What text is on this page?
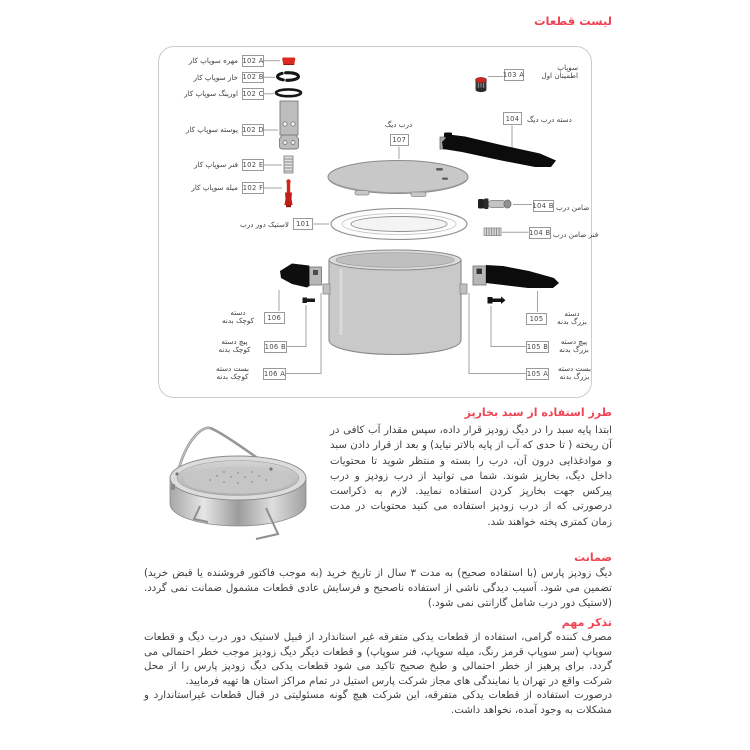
لیست قطعات
مهره سوپاپ کار 102 A
خار سوپاپ کار 102 B
اورینگ سوپاپ کار 102 C
پوسته سوپاپ کار 102 D
فنر سوپاپ کار 102 E
میله سوپاپ کار 102 F
لاستیک دور درب	101
103 A
سوپاپ
اطمینان اول
104	دسته درب دیگ
درب دیگ
107
104 B ضامن درب
104 B فنر ضامن درب
دسته
کوچک بدنه	106
پیچ دسته
کوچک بدنه	106 B
بست دسته
کوچک بدنه	106 A
105
دسته
بزرگ بدنه
105 B
پیچ دسته
بزرگ بدنه
105 A
بست دسته
بزرگ بدنه
طرز استفاده از سبد بخارپز
ابتدا پایه سبد را در دیگ زودپز قرار داده، سپس مقدار آب کافی در آن ریخته ( تا حدی که آب از پایه بالاتر نیاید) و بعد از قرار دادن سبد و موادغذایی درون آن، درب را بسته و منتظر شوید تا محتویات داخل دیگ، بخارپز شوند. شما می توانید از درب زودپز و درب پیرکس جهت بخارپز کردن استفاده نمایید. لازم به ذکراست درصورتی که از درب زودپز استفاده می کنید محتویات در مدت زمان کمتری پخته خواهند شد.
ضمانت
دیگ زودپز پارس (با استفاده صحیح) به مدت ۳ سال از تاریخ خرید (به موجب فاکتور فروشنده یا قبض خرید) تضمین می شود. آسیب دیدگی ناشی از استفاده ناصحیح و فرسایش عادی قطعات مشمول ضمانت نمی گردد. (لاستیک دور درب شامل گارانتی نمی شود.)
تذکر مهم

مصرف کننده گرامی، استفاده از قطعات یدکی متفرقه غیر استاندارد از قبیل لاستیک دور درب دیگ و قطعات سوپاپ (سر سوپاپ قرمز رنگ، میله سوپاپ، فنر سوپاپ) و قطعات دیگر دیگ زودپز موجب خطر احتمالی می گردد. برای پرهیز از خطر احتمالی و طبخ صحیح تاکید می شود قطعات یدکی دیگ زودپز پارس را از محل شرکت واقع در تهران یا نمایندگی های مجاز شرکت پارس استیل در تمام مراکز استان ها تهیه فرمایید.

درصورت استفاده از قطعات یدکی متفرقه، این شرکت هیچ گونه مسئولیتی در قبال قطعات غیراستاندارد و مشکلات به وجود آمده، نخواهد داشت.
